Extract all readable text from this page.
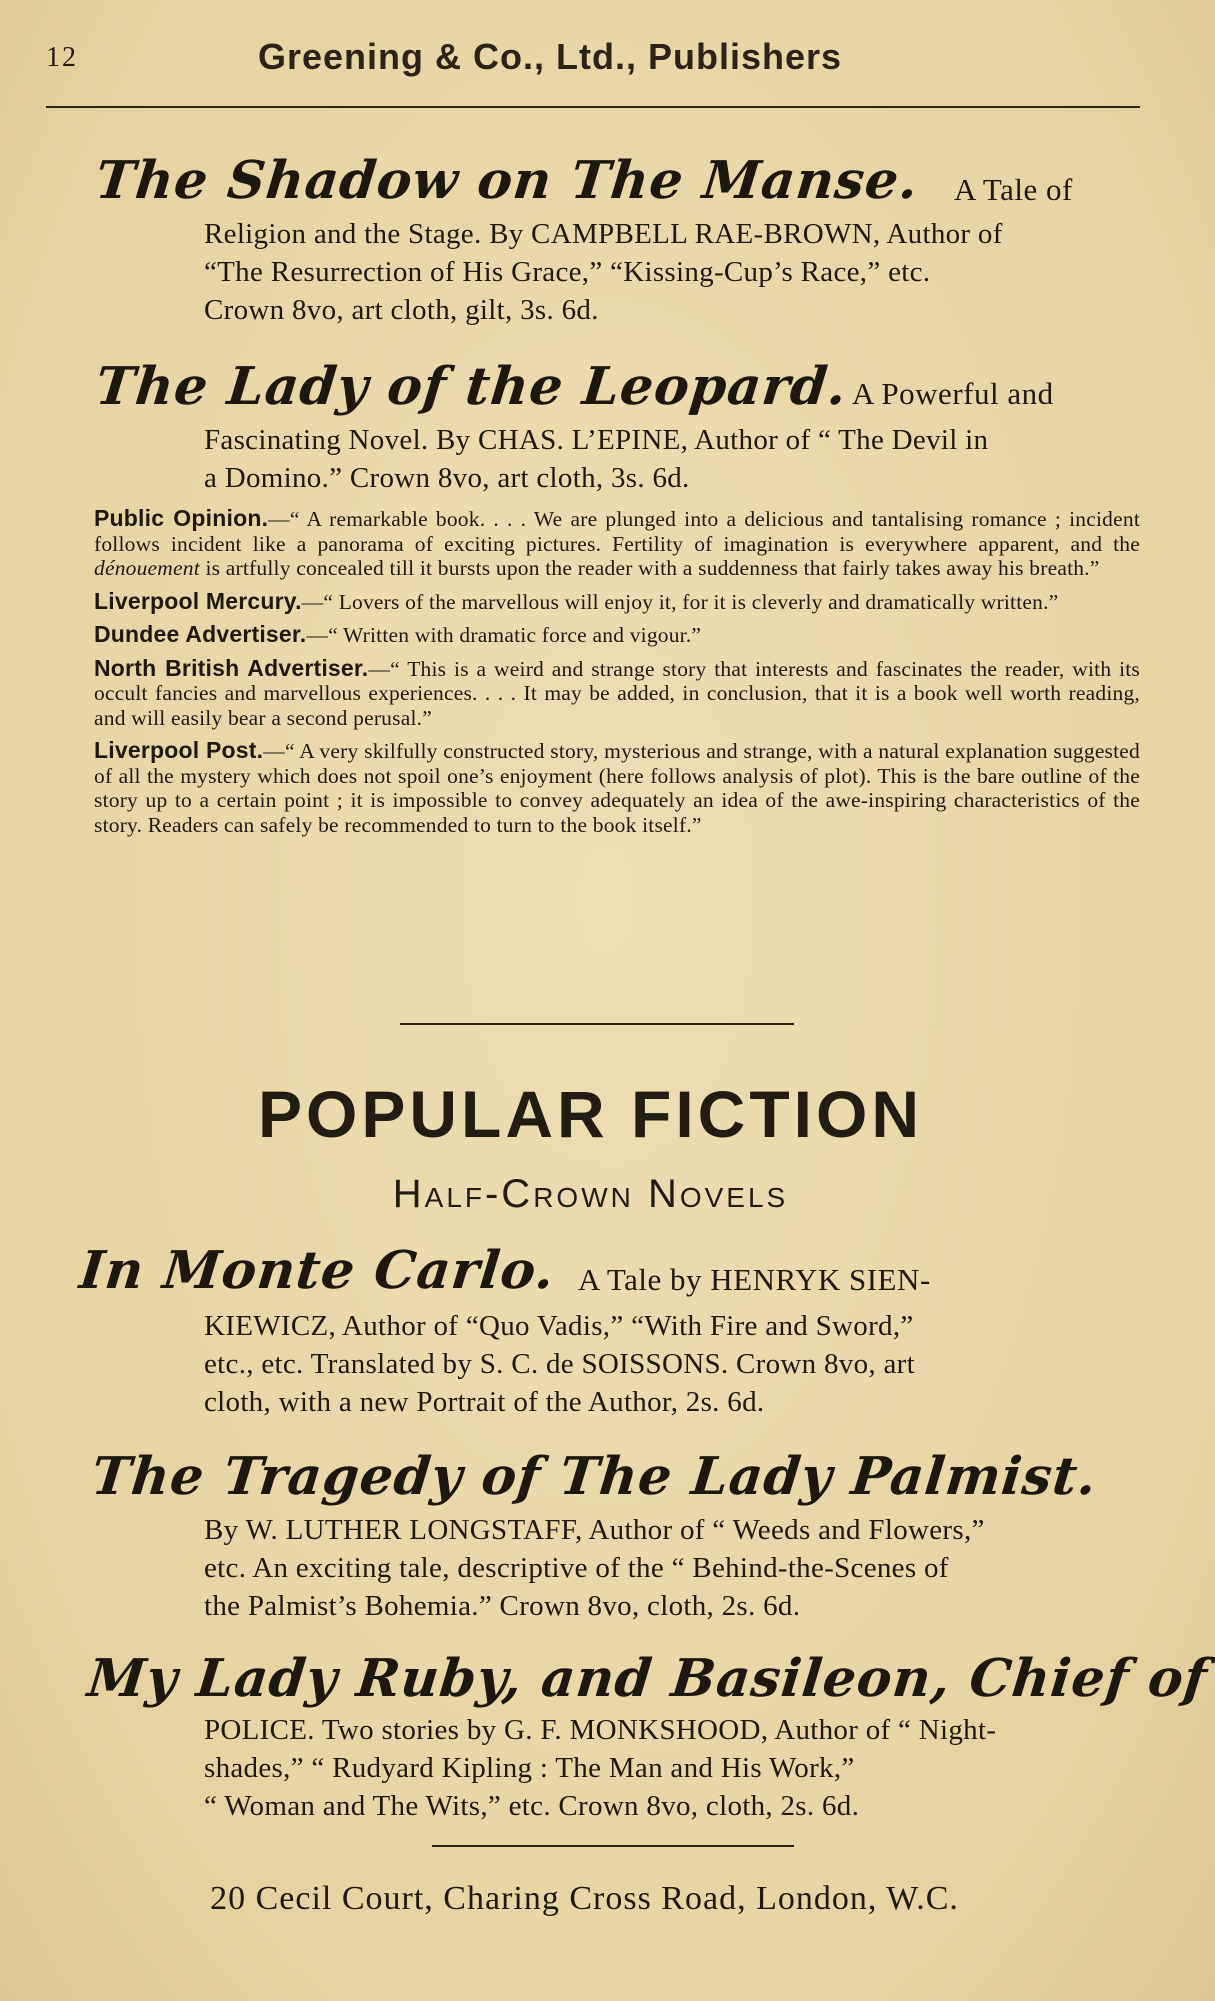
12	Greening & Co., Ltd., Publishers
The Shadow on The Manse. A Tale of
Religion and the Stage. By CAMPBELL RAE-BROWN, Author of
“The Resurrection of His Grace,” “Kissing-Cup’s Race,” etc.
Crown 8vo, art cloth, gilt, 3s. 6d.
The Lady of the Leopard. A Powerful and
Fascinating Novel. By CHAS. L’EPINE, Author of “ The Devil in
a Domino.” Crown 8vo, art cloth, 3s. 6d.

Public Opinion.—“ A remarkable book. . . . We are plunged into a delicious and tantalising romance ; incident follows incident like a panorama of exciting pictures. Fertility of imagination is everywhere apparent, and the dénouement is artfully concealed till it bursts upon the reader with a suddenness that fairly takes away his breath.”

Liverpool Mercury.—“ Lovers of the marvellous will enjoy it, for it is cleverly and dramatically written.”

Dundee Advertiser.—“ Written with dramatic force and vigour.”

North British Advertiser.—“ This is a weird and strange story that interests and fascinates the reader, with its occult fancies and marvellous experiences. . . . It may be added, in conclusion, that it is a book well worth reading, and will easily bear a second perusal.”

Liverpool Post.—“ A very skilfully constructed story, mysterious and strange, with a natural explanation suggested of all the mystery which does not spoil one’s enjoyment (here follows analysis of plot). This is the bare outline of the story up to a certain point ; it is impossible to convey adequately an idea of the awe-inspiring characteristics of the story. Readers can safely be recommended to turn to the book itself.”

POPULAR FICTION
Half-Crown Novels
In Monte Carlo. A Tale by HENRYK SIEN-
KIEWICZ, Author of “Quo Vadis,” “With Fire and Sword,”
etc., etc. Translated by S. C. de SOISSONS. Crown 8vo, art
cloth, with a new Portrait of the Author, 2s. 6d.
The Tragedy of The Lady Palmist.
By W. LUTHER LONGSTAFF, Author of “ Weeds and Flowers,”
etc. An exciting tale, descriptive of the “ Behind-the-Scenes of
the Palmist’s Bohemia.” Crown 8vo, cloth, 2s. 6d.
My Lady Ruby, and Basileon, Chief of
POLICE. Two stories by G. F. MONKSHOOD, Author of “ Night-
shades,” “ Rudyard Kipling : The Man and His Work,”
“ Woman and The Wits,” etc. Crown 8vo, cloth, 2s. 6d.
20 Cecil Court, Charing Cross Road, London, W.C.
